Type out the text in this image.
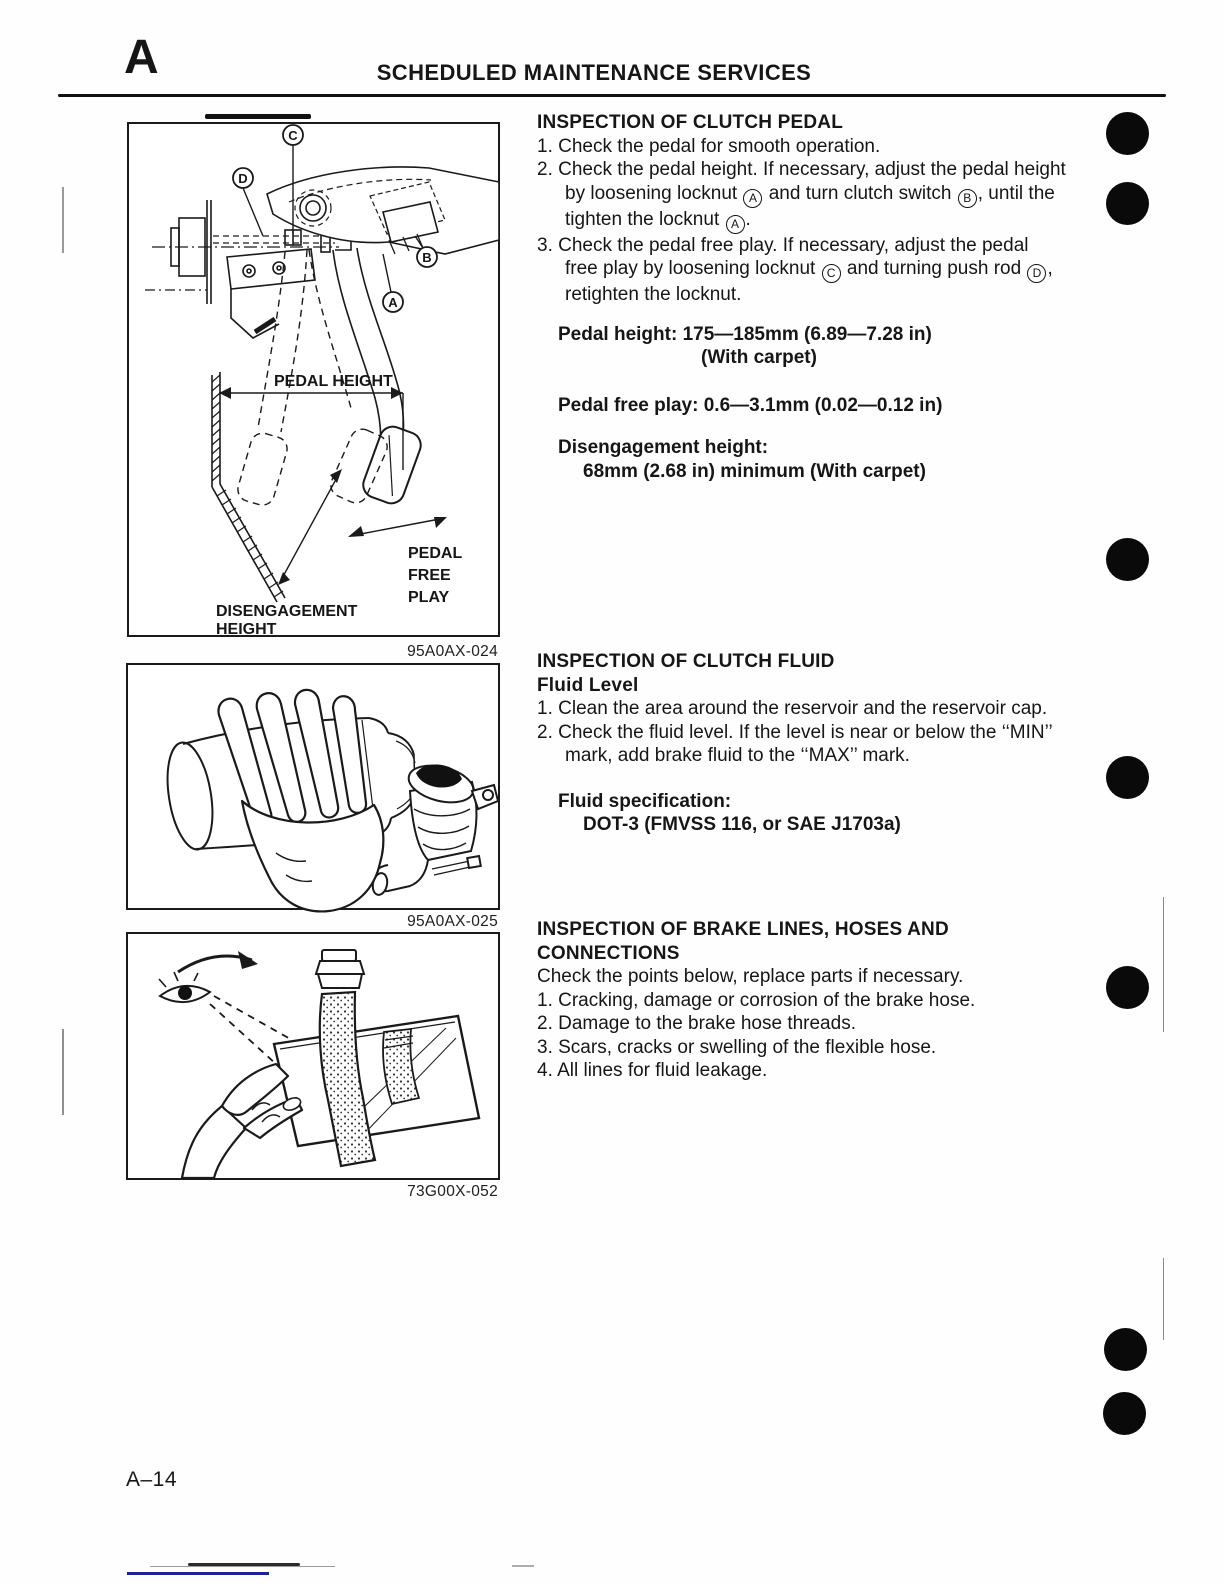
A	SCHEDULED MAINTENANCE SERVICES
C
D
B
A
PEDAL HEIGHT
PEDAL
FREE
PLAY
DISENGAGEMENT
HEIGHT
95A0AX-024
95A0AX-025
73G00X-052
INSPECTION OF CLUTCH PEDAL
1. Check the pedal for smooth operation.
2. Check the pedal height. If necessary, adjust the pedal height
by loosening locknut A and turn clutch switch B , until the
tighten the locknut A .
3. Check the pedal free play. If necessary, adjust the pedal
free play by loosening locknut C and turning push rod D ,
retighten the locknut.
Pedal height: 175—185mm (6.89—7.28 in)
(With carpet)
Pedal free play: 0.6—3.1mm (0.02—0.12 in)
Disengagement height:
68mm (2.68 in) minimum (With carpet)
INSPECTION OF CLUTCH FLUID
Fluid Level
1. Clean the area around the reservoir and the reservoir cap.
2. Check the fluid level. If the level is near or below the ‘‘MIN’’
mark, add brake fluid to the ‘‘MAX’’ mark.
Fluid specification:
DOT-3 (FMVSS 116, or SAE J1703a)
INSPECTION OF BRAKE LINES, HOSES AND
CONNECTIONS
Check the points below, replace parts if necessary.
1. Cracking, damage or corrosion of the brake hose.
2. Damage to the brake hose threads.
3. Scars, cracks or swelling of the flexible hose.
4. All lines for fluid leakage.
A–14
